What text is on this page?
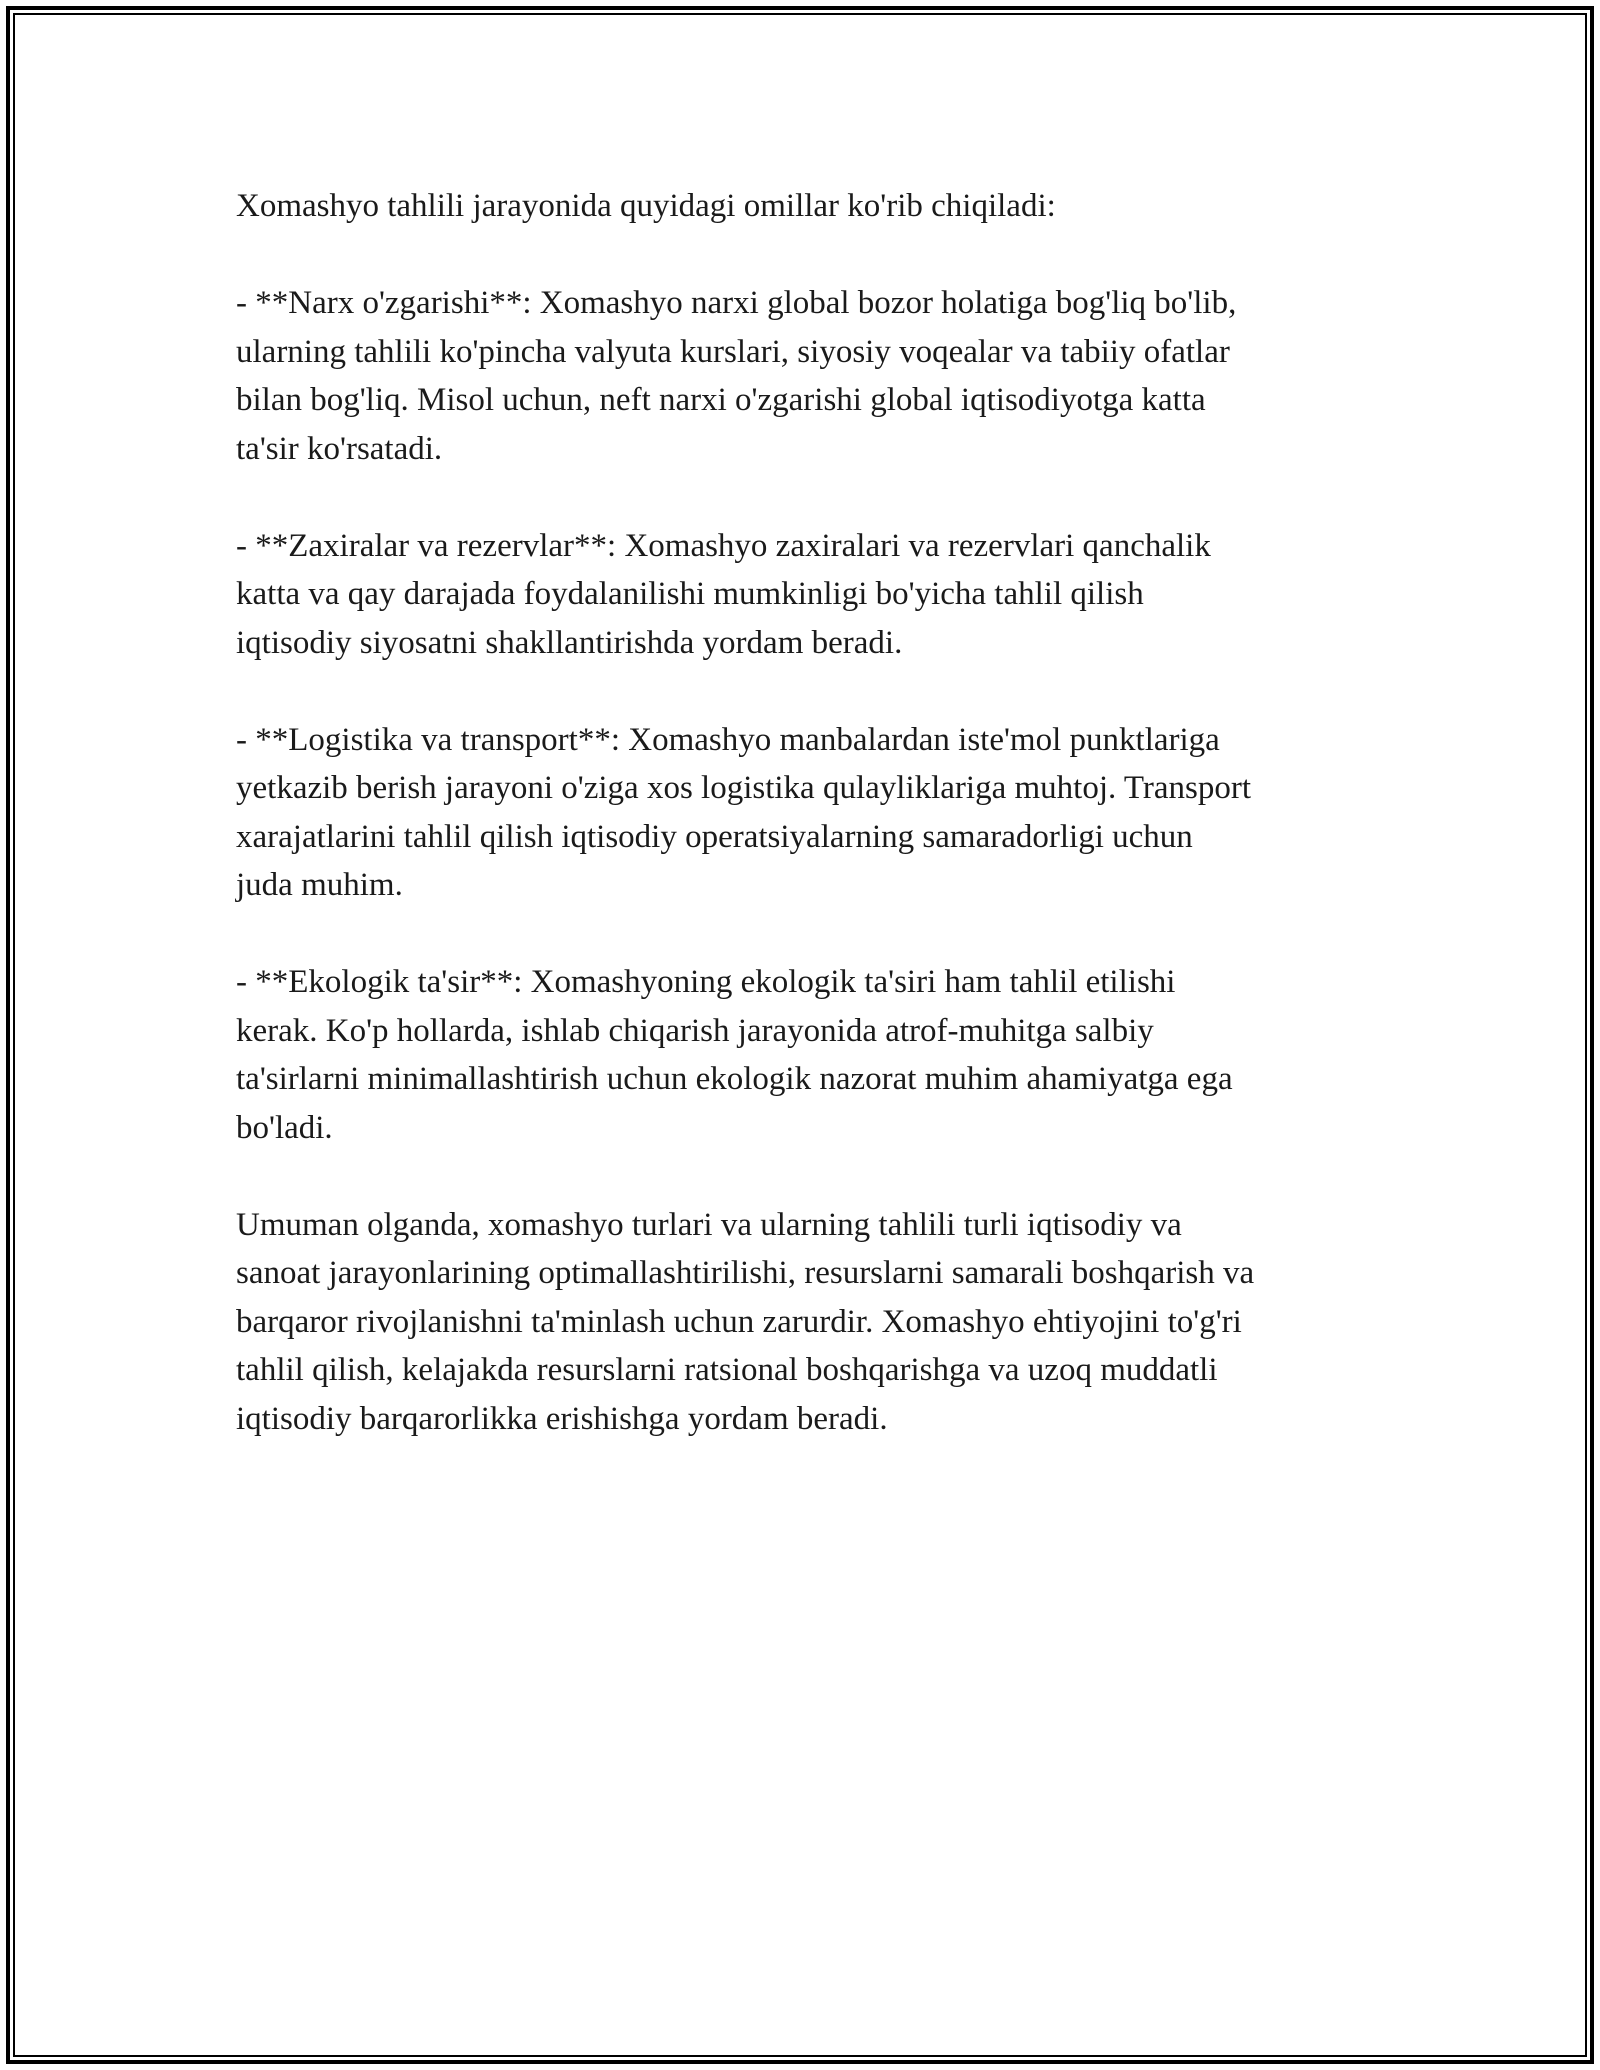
Xomashyo tahlili jarayonida quyidagi omillar ko'rib chiqiladi:

- **Narx o'zgarishi**: Xomashyo narxi global bozor holatiga bog'liq bo'lib,
ularning tahlili ko'pincha valyuta kurslari, siyosiy voqealar va tabiiy ofatlar
bilan bog'liq. Misol uchun, neft narxi o'zgarishi global iqtisodiyotga katta
ta'sir ko'rsatadi.

- **Zaxiralar va rezervlar**: Xomashyo zaxiralari va rezervlari qanchalik
katta va qay darajada foydalanilishi mumkinligi bo'yicha tahlil qilish
iqtisodiy siyosatni shakllantirishda yordam beradi.

- **Logistika va transport**: Xomashyo manbalardan iste'mol punktlariga
yetkazib berish jarayoni o'ziga xos logistika qulayliklariga muhtoj. Transport
xarajatlarini tahlil qilish iqtisodiy operatsiyalarning samaradorligi uchun
juda muhim.

- **Ekologik ta'sir**: Xomashyoning ekologik ta'siri ham tahlil etilishi
kerak. Ko'p hollarda, ishlab chiqarish jarayonida atrof-muhitga salbiy
ta'sirlarni minimallashtirish uchun ekologik nazorat muhim ahamiyatga ega
bo'ladi.

Umuman olganda, xomashyo turlari va ularning tahlili turli iqtisodiy va
sanoat jarayonlarining optimallashtirilishi, resurslarni samarali boshqarish va
barqaror rivojlanishni ta'minlash uchun zarurdir. Xomashyo ehtiyojini to'g'ri
tahlil qilish, kelajakda resurslarni ratsional boshqarishga va uzoq muddatli
iqtisodiy barqarorlikka erishishga yordam beradi.
